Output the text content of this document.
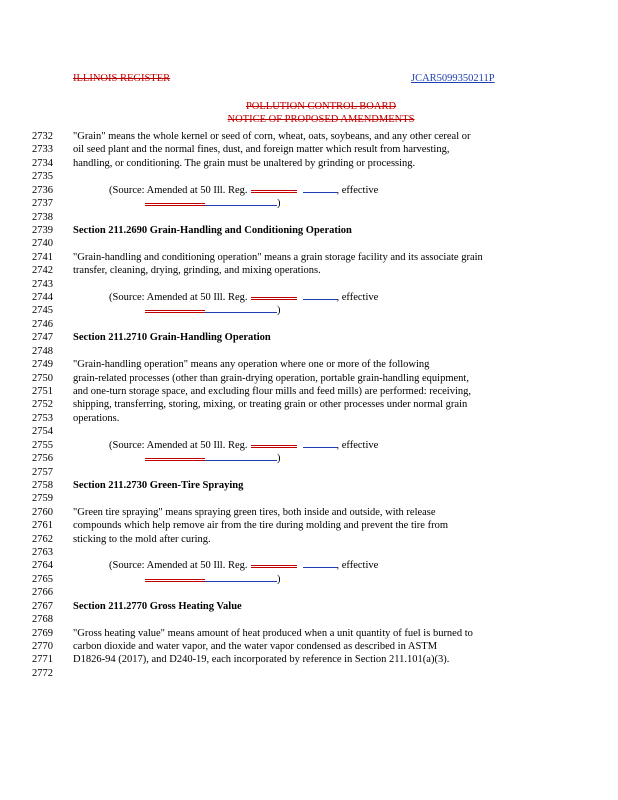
ILLINOIS REGISTER	JCAR5099350211P
POLLUTION CONTROL BOARD
NOTICE OF PROPOSED AMENDMENTS
2732	"Grain" means the whole kernel or seed of corn, wheat, oats, soybeans, and any other cereal or
2733	oil seed plant and the normal fines, dust, and foreign matter which result from harvesting,
2734	handling, or conditioning. The grain must be unaltered by grinding or processing.
2735
2736	(Source: Amended at 50 Ill. Reg.	, effective
)
2737
2738
2739	Section 211.2690 Grain-Handling and Conditioning Operation
2740
2741	"Grain-handling and conditioning operation" means a grain storage facility and its associate grain
2742	transfer, cleaning, drying, grinding, and mixing operations.
2743
2744	(Source: Amended at 50 Ill. Reg.	, effective
)
2745
2746
2747	Section 211.2710 Grain-Handling Operation
2748
2749	"Grain-handling operation" means any operation where one or more of the following
2750	grain-related processes (other than grain-drying operation, portable grain-handling equipment,
2751	and one-turn storage space, and excluding flour mills and feed mills) are performed: receiving,
2752	shipping, transferring, storing, mixing, or treating grain or other processes under normal grain
2753	operations.
2754
2755	(Source: Amended at 50 Ill. Reg.	, effective
)
2756
2757
2758	Section 211.2730 Green-Tire Spraying
2759
2760	"Green tire spraying" means spraying green tires, both inside and outside, with release
2761	compounds which help remove air from the tire during molding and prevent the tire from
2762	sticking to the mold after curing.
2763
2764	(Source: Amended at 50 Ill. Reg.	, effective
)
2765
2766
2767	Section 211.2770 Gross Heating Value
2768
2769	"Gross heating value" means amount of heat produced when a unit quantity of fuel is burned to
2770	carbon dioxide and water vapor, and the water vapor condensed as described in ASTM
2771	D1826-94 (2017), and D240-19, each incorporated by reference in Section 211.101(a)(3).
2772
